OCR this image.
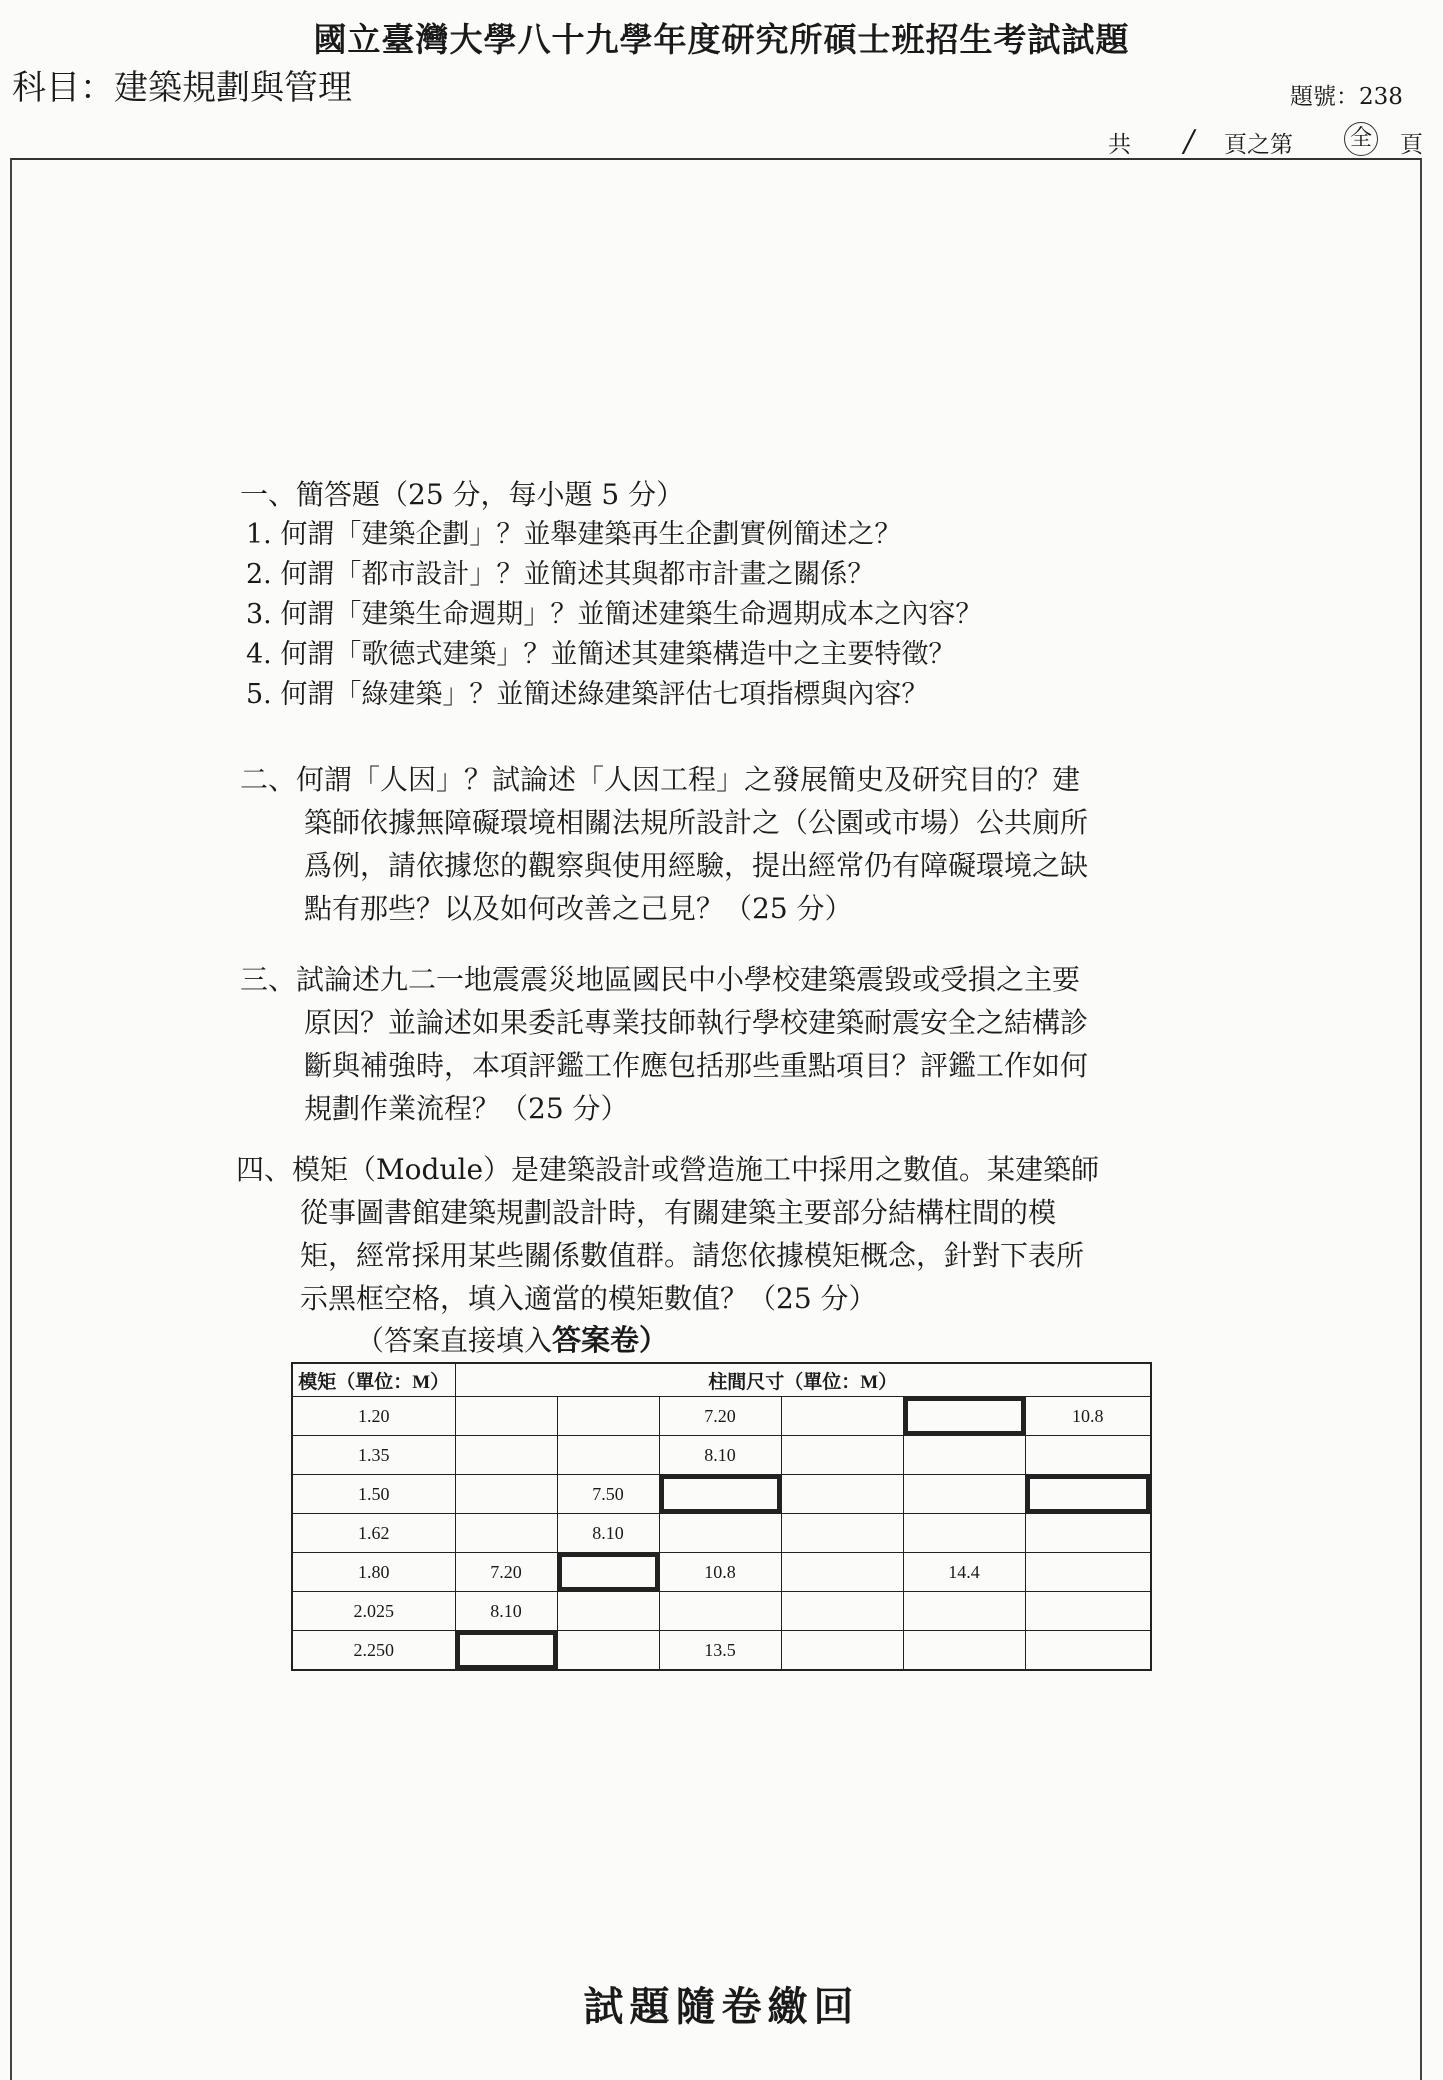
國立臺灣大學八十九學年度研究所碩士班招生考試試題
科目：建築規劃與管理	題號：238
共 / 頁之第	全 頁
一、簡答題（25 分，每小題 5 分）
1. 何謂「建築企劃」？並舉建築再生企劃實例簡述之？
2. 何謂「都市設計」？並簡述其與都市計畫之關係？
3. 何謂「建築生命週期」？並簡述建築生命週期成本之內容？
4. 何謂「歌德式建築」？並簡述其建築構造中之主要特徵？
5. 何謂「綠建築」？並簡述綠建築評估七項指標與內容？
二、何謂「人因」？試論述「人因工程」之發展簡史及研究目的？建
築師依據無障礙環境相關法規所設計之（公園或市場）公共廁所
爲例，請依據您的觀察與使用經驗，提出經常仍有障礙環境之缺
點有那些？以及如何改善之己見？（25 分）
三、試論述九二一地震震災地區國民中小學校建築震毀或受損之主要
原因？並論述如果委託專業技師執行學校建築耐震安全之結構診
斷與補強時，本項評鑑工作應包括那些重點項目？評鑑工作如何
規劃作業流程？（25 分）
四、模矩（Module）是建築設計或營造施工中採用之數值。某建築師
從事圖書館建築規劃設計時，有關建築主要部分結構柱間的模
矩，經常採用某些關係數值群。請您依據模矩概念，針對下表所
示黑框空格，填入適當的模矩數值？（25 分）
（答案直接填入答案卷）
模矩（單位：M）	柱間尺寸（單位：M）					
1.20			7.20			10.8
1.35			8.10			
1.50		7.50				
1.62		8.10				
1.80	7.20		10.8		14.4	
2.025	8.10					
2.250			13.5			
試題隨卷繳回
